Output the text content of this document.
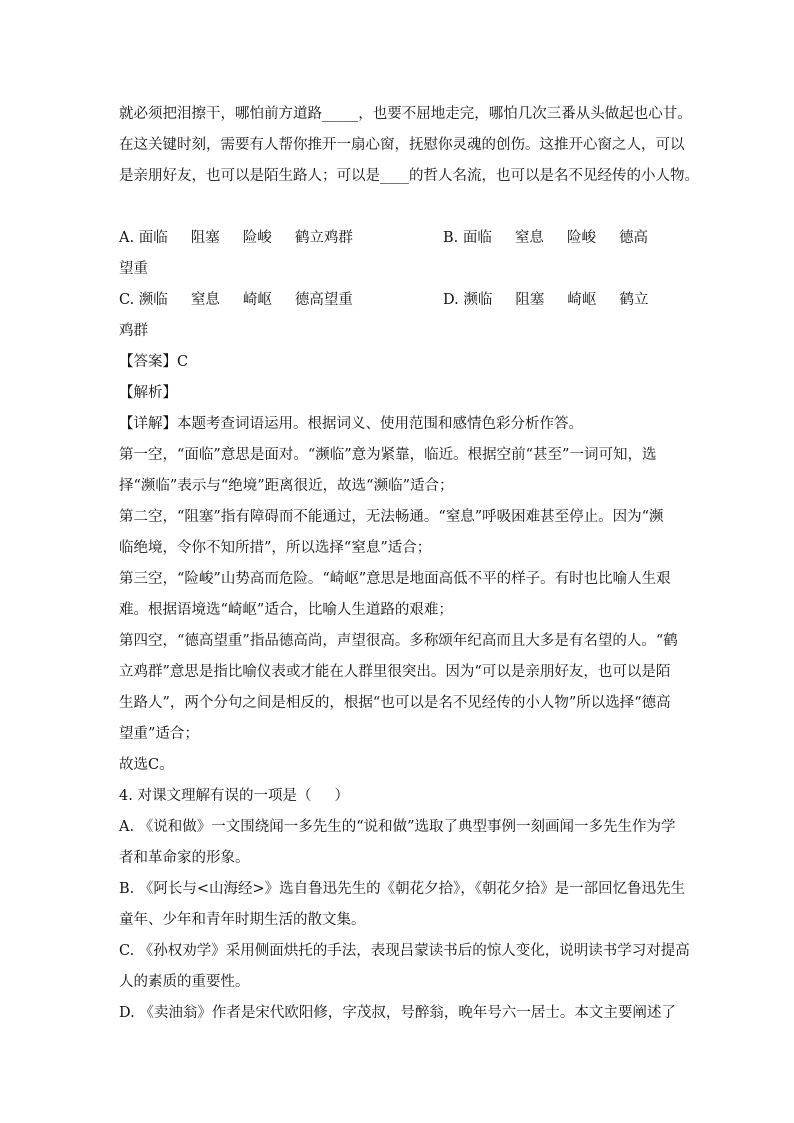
就必须把泪擦干，哪怕前方道路_____，也要不屈地走完，哪怕几次三番从头做起也心甘。
在这关键时刻，需要有人帮你推开一扇心窗，抚慰你灵魂的创伤。这推开心窗之人，可以
是亲朋好友，也可以是陌生路人；可以是____的哲人名流，也可以是名不见经传的小人物。
A. 面临     阻塞     险峻     鹤立鸡群	B. 面临     窒息     险峻     德高
望重
C. 濒临     窒息     崎岖     德高望重	D. 濒临     阻塞     崎岖     鹤立
鸡群
【答案】C
【解析】
【详解】本题考查词语运用。根据词义、使用范围和感情色彩分析作答。
第一空，“面临”意思是面对。“濒临”意为紧靠，临近。根据空前“甚至”一词可知，选
择“濒临”表示与“绝境”距离很近，故选“濒临”适合；
第二空，“阻塞”指有障碍而不能通过，无法畅通。“窒息”呼吸困难甚至停止。因为“濒
临绝境，令你不知所措”，所以选择“窒息”适合；
第三空，“险峻”山势高而危险。“崎岖”意思是地面高低不平的样子。有时也比喻人生艰
难。根据语境选“崎岖”适合，比喻人生道路的艰难；
第四空，“德高望重”指品德高尚，声望很高。多称颂年纪高而且大多是有名望的人。“鹤
立鸡群”意思是指比喻仪表或才能在人群里很突出。因为“可以是亲朋好友，也可以是陌
生路人”，两个分句之间是相反的，根据“也可以是名不见经传的小人物”所以选择“德高
望重”适合；
故选C。
4. 对课文理解有误的一项是（     ）
A. 《说和做》一文围绕闻一多先生的“说和做”选取了典型事例一刻画闻一多先生作为学
者和革命家的形象。
B. 《阿长与<山海经>》选自鲁迅先生的《朝花夕拾》，《朝花夕拾》是一部回忆鲁迅先生
童年、少年和青年时期生活的散文集。
C. 《孙权劝学》采用侧面烘托的手法，表现吕蒙读书后的惊人变化，说明读书学习对提高
人的素质的重要性。
D. 《卖油翁》作者是宋代欧阳修，字茂叔，号醉翁，晚年号六一居士。本文主要阐述了
